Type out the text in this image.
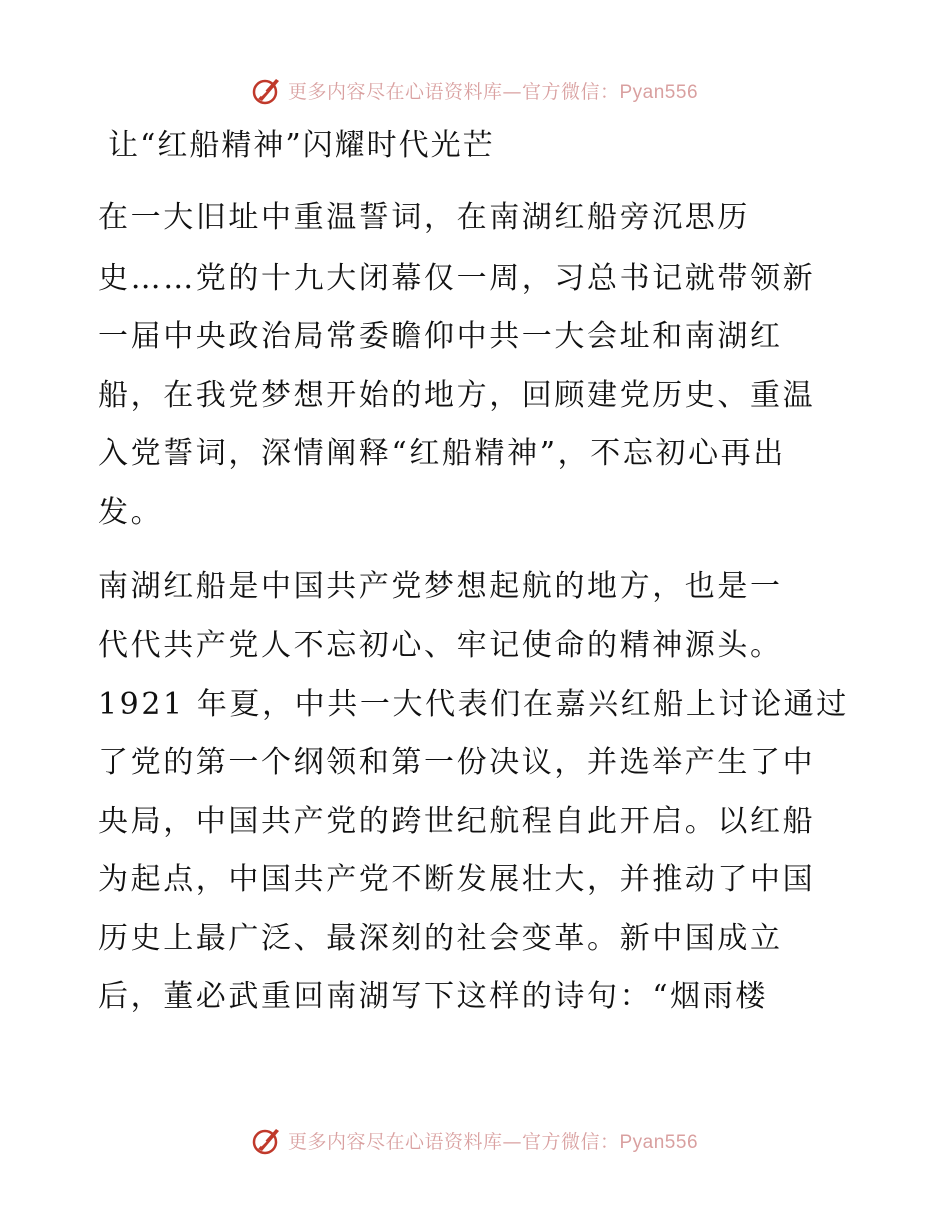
更多内容尽在心语资料库—官方微信：Pyan556
让“红船精神”闪耀时代光芒
在一大旧址中重温誓词，在南湖红船旁沉思历
史……党的十九大闭幕仅一周，习总书记就带领新
一届中央政治局常委瞻仰中共一大会址和南湖红
船，在我党梦想开始的地方，回顾建党历史、重温
入党誓词，深情阐释“红船精神”，不忘初心再出
发。
南湖红船是中国共产党梦想起航的地方，也是一
代代共产党人不忘初心、牢记使命的精神源头。
1921 年夏，中共一大代表们在嘉兴红船上讨论通过
了党的第一个纲领和第一份决议，并选举产生了中
央局，中国共产党的跨世纪航程自此开启。以红船
为起点，中国共产党不断发展壮大，并推动了中国
历史上最广泛、最深刻的社会变革。新中国成立
后，董必武重回南湖写下这样的诗句：“烟雨楼
更多内容尽在心语资料库—官方微信：Pyan556
